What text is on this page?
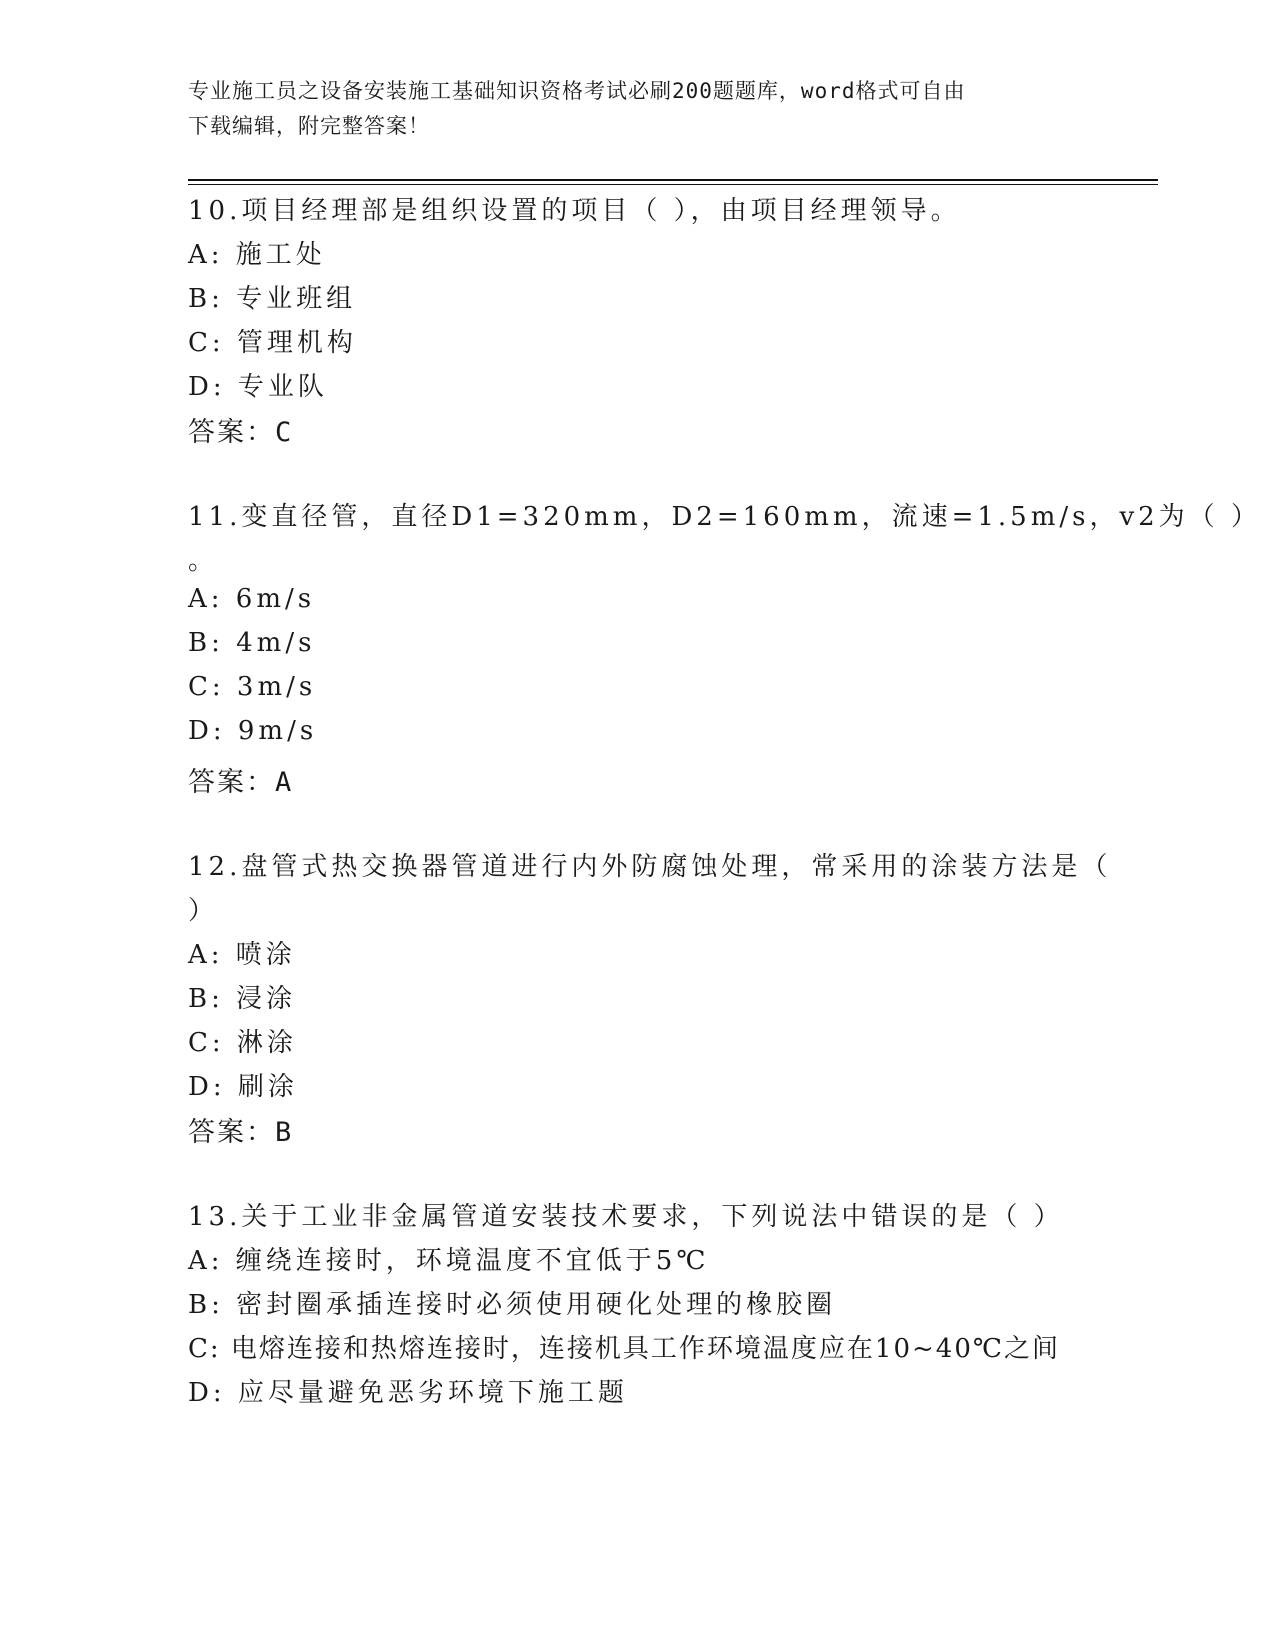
专业施工员之设备安装施工基础知识资格考试必刷200题题库，word格式可自由
下载编辑，附完整答案！
10.项目经理部是组织设置的项目（ ），由项目经理领导。
A: 施工处
B: 专业班组
C: 管理机构
D: 专业队
答案：C
11.变直径管，直径D1=320mm，D2=160mm，流速=1.5m/s，v2为（ ）
。
A: 6m/s
B: 4m/s
C: 3m/s
D: 9m/s
答案：A
12.盘管式热交换器管道进行内外防腐蚀处理，常采用的涂装方法是（
）
A: 喷涂
B: 浸涂
C: 淋涂
D: 刷涂
答案：B
13.关于工业非金属管道安装技术要求，下列说法中错误的是（ ）
A: 缠绕连接时，环境温度不宜低于5℃
B: 密封圈承插连接时必须使用硬化处理的橡胶圈
C: 电熔连接和热熔连接时，连接机具工作环境温度应在10~40℃之间
D: 应尽量避免恶劣环境下施工题
